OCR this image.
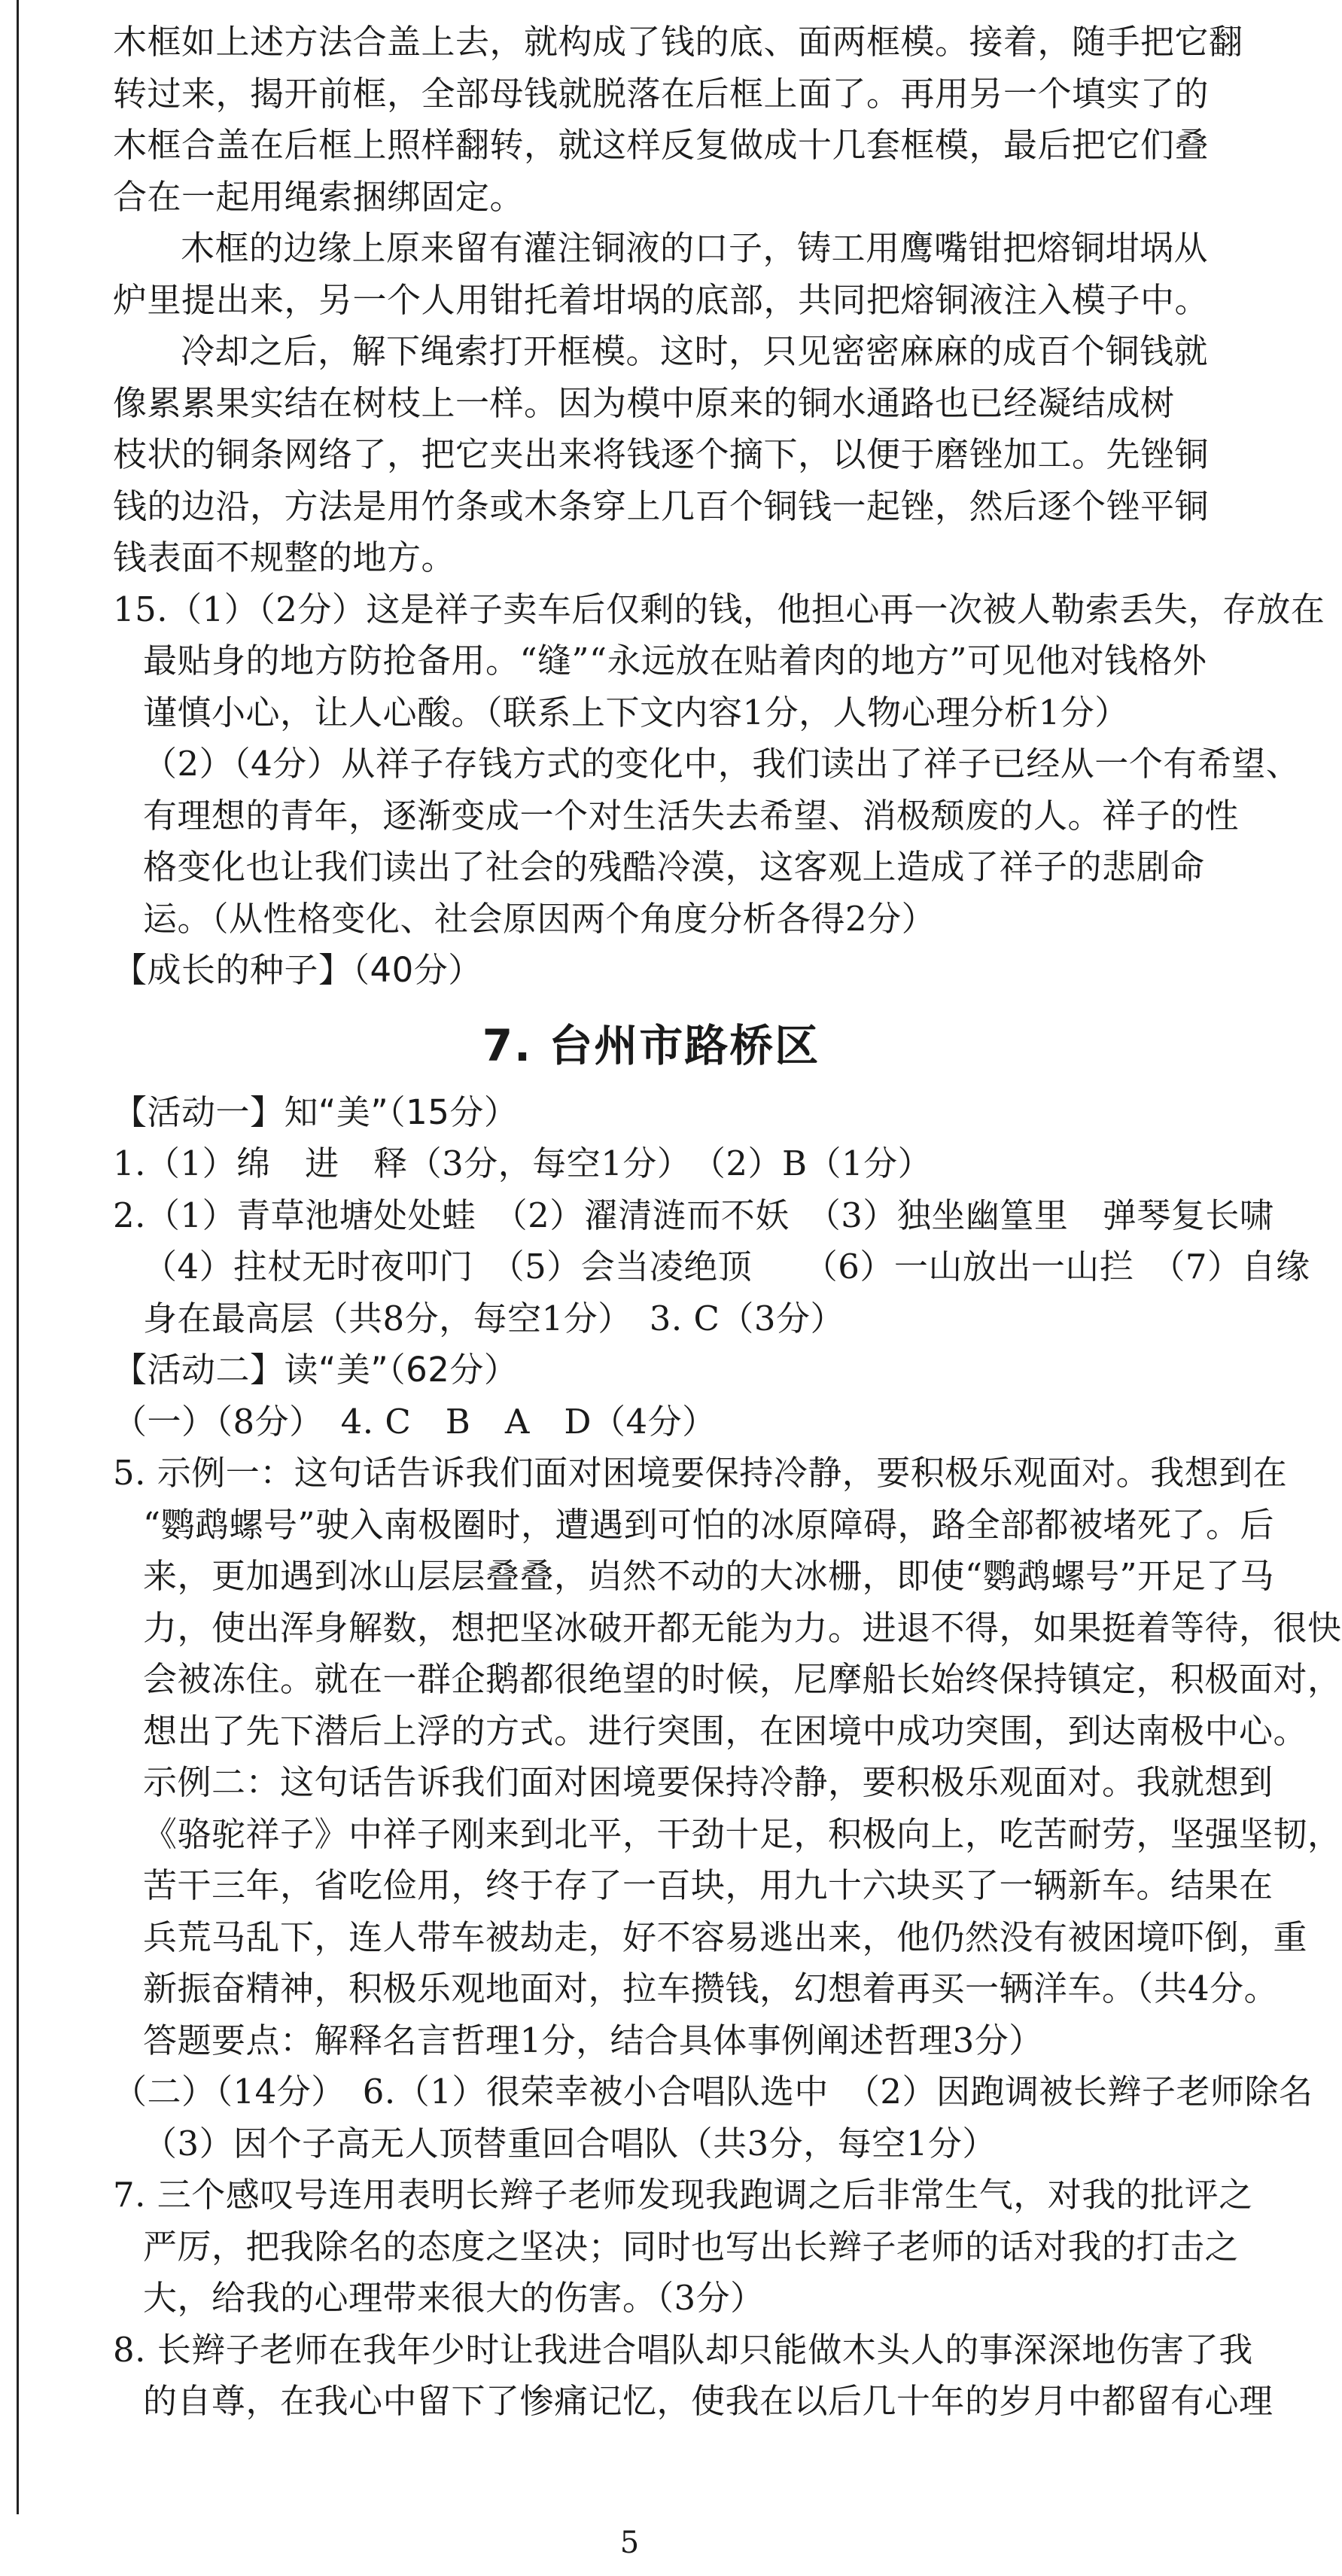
木框如上述方法合盖上去，就构成了钱的底、面两框模。接着，随手把它翻
转过来，揭开前框，全部母钱就脱落在后框上面了。再用另一个填实了的
木框合盖在后框上照样翻转，就这样反复做成十几套框模，最后把它们叠
合在一起用绳索捆绑固定。
木框的边缘上原来留有灌注铜液的口子，铸工用鹰嘴钳把熔铜坩埚从
炉里提出来，另一个人用钳托着坩埚的底部，共同把熔铜液注入模子中。
冷却之后，解下绳索打开框模。这时，只见密密麻麻的成百个铜钱就
像累累果实结在树枝上一样。因为模中原来的铜水通路也已经凝结成树
枝状的铜条网络了，把它夹出来将钱逐个摘下，以便于磨锉加工。先锉铜
钱的边沿，方法是用竹条或木条穿上几百个铜钱一起锉，然后逐个锉平铜
钱表面不规整的地方。
15.（1）（2分）这是祥子卖车后仅剩的钱，他担心再一次被人勒索丢失，存放在
最贴身的地方防抢备用。“缝”“永远放在贴着肉的地方”可见他对钱格外
谨慎小心，让人心酸。（联系上下文内容1分，人物心理分析1分）
（2）（4分）从祥子存钱方式的变化中，我们读出了祥子已经从一个有希望、
有理想的青年，逐渐变成一个对生活失去希望、消极颓废的人。祥子的性
格变化也让我们读出了社会的残酷冷漠，这客观上造成了祥子的悲剧命
运。（从性格变化、社会原因两个角度分析各得2分）
【成长的种子】（40分）
7. 台州市路桥区
【活动一】知“美”（15分）
1.（1）绵　进　释（3分，每空1分）　（2）B（1分）
2.（1）青草池塘处处蛙　（2）濯清涟而不妖　（3）独坐幽篁里　弹琴复长啸
（4）拄杖无时夜叩门　（5）会当凌绝顶　　（6）一山放出一山拦　（7）自缘
身在最高层（共8分，每空1分）　3. C（3分）
【活动二】读“美”（62分）
（一）（8分）　4. C　B　A　D（4分）
5. 示例一：这句话告诉我们面对困境要保持冷静，要积极乐观面对。我想到在
“鹦鹉螺号”驶入南极圈时，遭遇到可怕的冰原障碍，路全部都被堵死了。后
来，更加遇到冰山层层叠叠，岿然不动的大冰栅，即使“鹦鹉螺号”开足了马
力，使出浑身解数，想把坚冰破开都无能为力。进退不得，如果挺着等待，很快
会被冻住。就在一群企鹅都很绝望的时候，尼摩船长始终保持镇定，积极面对，
想出了先下潜后上浮的方式。进行突围，在困境中成功突围，到达南极中心。
示例二：这句话告诉我们面对困境要保持冷静，要积极乐观面对。我就想到
《骆驼祥子》中祥子刚来到北平，干劲十足，积极向上，吃苦耐劳，坚强坚韧，
苦干三年，省吃俭用，终于存了一百块，用九十六块买了一辆新车。结果在
兵荒马乱下，连人带车被劫走，好不容易逃出来，他仍然没有被困境吓倒，重
新振奋精神，积极乐观地面对，拉车攒钱，幻想着再买一辆洋车。（共4分。
答题要点：解释名言哲理1分，结合具体事例阐述哲理3分）
（二）（14分）　6.（1）很荣幸被小合唱队选中　（2）因跑调被长辫子老师除名
（3）因个子高无人顶替重回合唱队（共3分，每空1分）
7. 三个感叹号连用表明长辫子老师发现我跑调之后非常生气，对我的批评之
严厉，把我除名的态度之坚决；同时也写出长辫子老师的话对我的打击之
大，给我的心理带来很大的伤害。（3分）
8. 长辫子老师在我年少时让我进合唱队却只能做木头人的事深深地伤害了我
的自尊，在我心中留下了惨痛记忆，使我在以后几十年的岁月中都留有心理
5
